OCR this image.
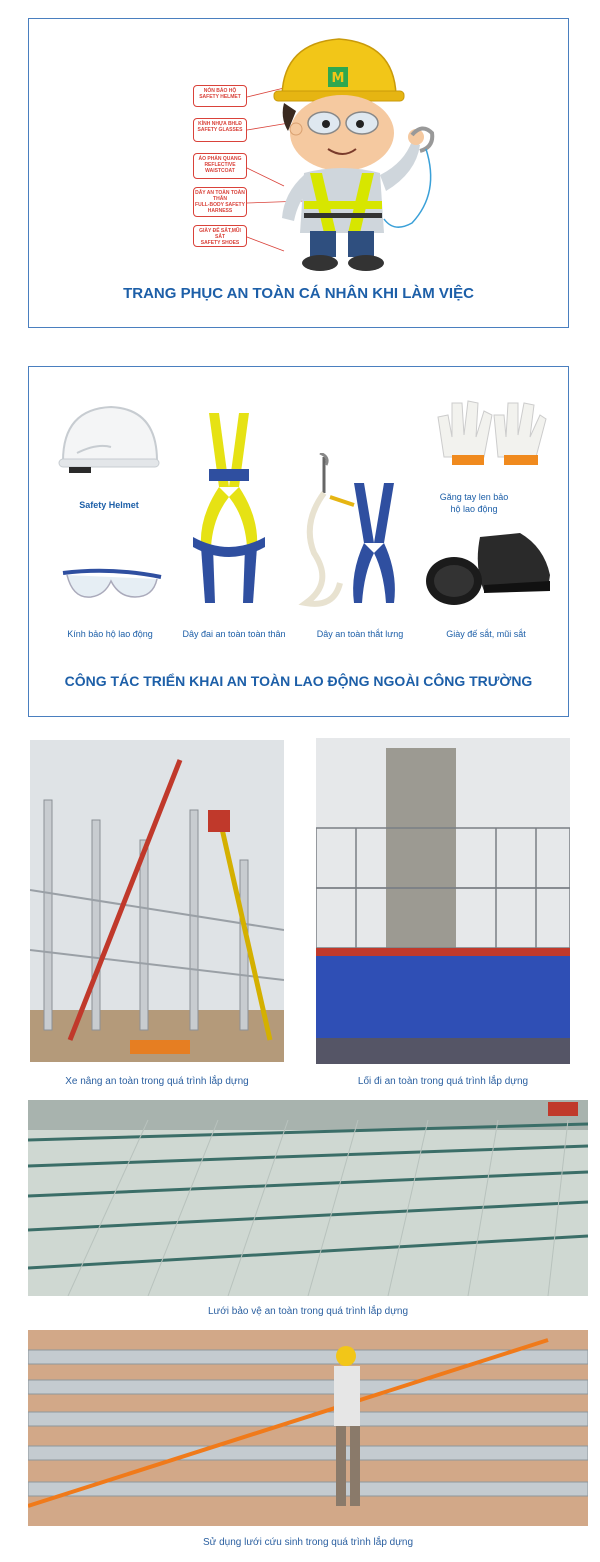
NÓN BẢO HỘ
SAFETY HELMET
KÍNH NHỰA BHLĐ
SAFETY GLASSES
ÁO PHẢN QUANG
REFLECTIVE WAISTCOAT
DÂY AN TOÀN TOÀN THÂN
FULL-BODY SAFETY HARNESS
GIÀY ĐẾ SẮT,MŨI SẮT
SAFETY SHOES
M
TRANG PHỤC AN TOÀN CÁ NHÂN KHI LÀM VIỆC
Safety Helmet
Găng tay len bảo hộ lao động
Dây đai an toàn toàn thân	Dây an toàn thắt lưng
Kính bảo hộ lao động	Giày đế sắt, mũi sắt
CÔNG TÁC TRIỂN KHAI AN TOÀN LAO ĐỘNG NGOÀI CÔNG TRƯỜNG
Xe nâng an toàn trong quá trình lắp dựng	Lối đi an toàn trong quá trình lắp dựng
Lưới bảo vệ an toàn trong quá trình lắp dựng
Sử dụng lưới cứu sinh trong quá trình lắp dựng
